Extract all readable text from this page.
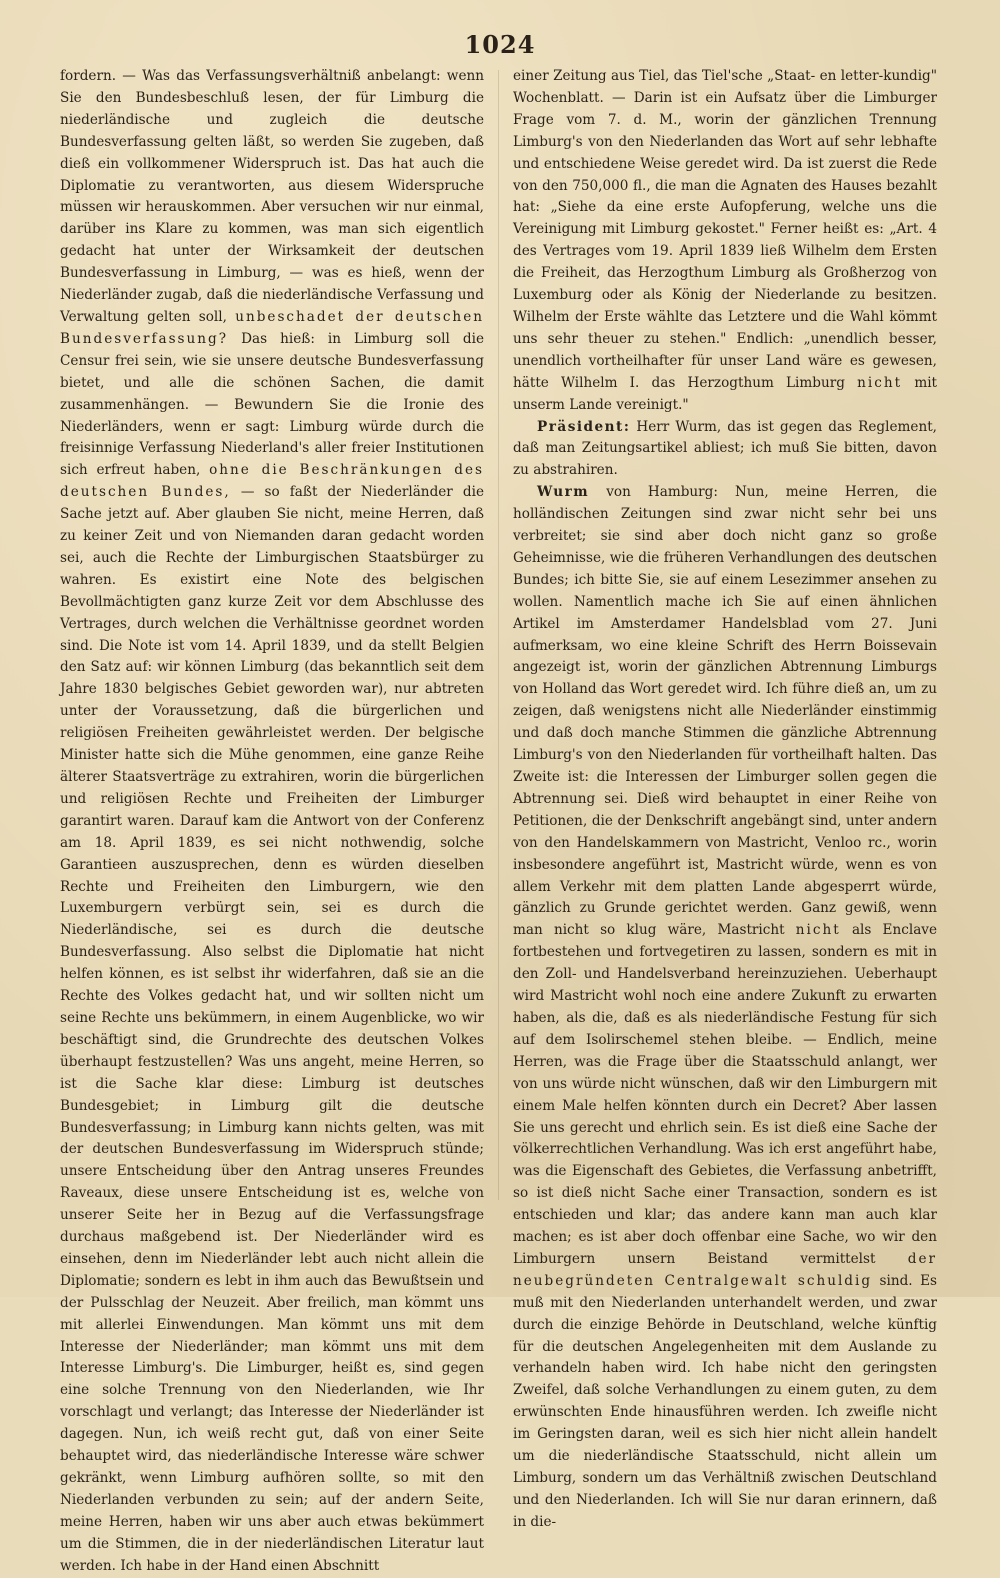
1024

fordern. — Was das Verfassungsverhältniß anbelangt: wenn Sie den Bundesbeschluß lesen, der für Limburg die niederländische und zugleich die deutsche Bundesverfassung gelten läßt, so werden Sie zugeben, daß dieß ein vollkommener Widerspruch ist. Das hat auch die Diplomatie zu verantworten, aus diesem Widerspruche müssen wir herauskommen. Aber versuchen wir nur einmal, darüber ins Klare zu kommen, was man sich eigentlich gedacht hat unter der Wirksamkeit der deutschen Bundesverfassung in Limburg, — was es hieß, wenn der Niederländer zugab, daß die niederländische Verfassung und Verwaltung gelten soll, unbeschadet der deutschen Bundesverfassung? Das hieß: in Limburg soll die Censur frei sein, wie sie unsere deutsche Bundesverfassung bietet, und alle die schönen Sachen, die damit zusammenhängen. — Bewundern Sie die Ironie des Niederländers, wenn er sagt: Limburg würde durch die freisinnige Verfassung Niederland's aller freier Institutionen sich erfreut haben, ohne die Beschränkungen des deutschen Bundes, — so faßt der Niederländer die Sache jetzt auf. Aber glauben Sie nicht, meine Herren, daß zu keiner Zeit und von Niemanden daran gedacht worden sei, auch die Rechte der Limburgischen Staatsbürger zu wahren. Es existirt eine Note des belgischen Bevollmächtigten ganz kurze Zeit vor dem Abschlusse des Vertrages, durch welchen die Verhältnisse geordnet worden sind. Die Note ist vom 14. April 1839, und da stellt Belgien den Satz auf: wir können Limburg (das bekanntlich seit dem Jahre 1830 belgisches Gebiet geworden war), nur abtreten unter der Voraussetzung, daß die bürgerlichen und religiösen Freiheiten gewährleistet werden. Der belgische Minister hatte sich die Mühe genommen, eine ganze Reihe älterer Staatsverträge zu extrahiren, worin die bürgerlichen und religiösen Rechte und Freiheiten der Limburger garantirt waren. Darauf kam die Antwort von der Conferenz am 18. April 1839, es sei nicht nothwendig, solche Garantieen auszusprechen, denn es würden dieselben Rechte und Freiheiten den Limburgern, wie den Luxemburgern verbürgt sein, sei es durch die Niederländische, sei es durch die deutsche Bundesverfassung. Also selbst die Diplomatie hat nicht helfen können, es ist selbst ihr widerfahren, daß sie an die Rechte des Volkes gedacht hat, und wir sollten nicht um seine Rechte uns bekümmern, in einem Augenblicke, wo wir beschäftigt sind, die Grundrechte des deutschen Volkes überhaupt festzustellen? Was uns angeht, meine Herren, so ist die Sache klar diese: Limburg ist deutsches Bundesgebiet; in Limburg gilt die deutsche Bundesverfassung; in Limburg kann nichts gelten, was mit der deutschen Bundesverfassung im Widerspruch stünde; unsere Entscheidung über den Antrag unseres Freundes Raveaux, diese unsere Entscheidung ist es, welche von unserer Seite her in Bezug auf die Verfassungsfrage durchaus maßgebend ist. Der Niederländer wird es einsehen, denn im Niederländer lebt auch nicht allein die Diplomatie; sondern es lebt in ihm auch das Bewußtsein und der Pulsschlag der Neuzeit. Aber freilich, man kömmt uns mit allerlei Einwendungen. Man kömmt uns mit dem Interesse der Niederländer; man kömmt uns mit dem Interesse Limburg's. Die Limburger, heißt es, sind gegen eine solche Trennung von den Niederlanden, wie Ihr vorschlagt und verlangt; das Interesse der Niederländer ist dagegen. Nun, ich weiß recht gut, daß von einer Seite behauptet wird, das niederländische Interesse wäre schwer gekränkt, wenn Limburg aufhören sollte, so mit den Niederlanden verbunden zu sein; auf der andern Seite, meine Herren, haben wir uns aber auch etwas bekümmert um die Stimmen, die in der niederländischen Literatur laut werden. Ich habe in der Hand einen Abschnitt

einer Zeitung aus Tiel, das Tiel'sche „Staat- en letter-kundig" Wochenblatt. — Darin ist ein Aufsatz über die Limburger Frage vom 7. d. M., worin der gänzlichen Trennung Limburg's von den Niederlanden das Wort auf sehr lebhafte und entschiedene Weise geredet wird. Da ist zuerst die Rede von den 750,000 fl., die man die Agnaten des Hauses bezahlt hat: „Siehe da eine erste Aufopferung, welche uns die Vereinigung mit Limburg gekostet." Ferner heißt es: „Art. 4 des Vertrages vom 19. April 1839 ließ Wilhelm dem Ersten die Freiheit, das Herzogthum Limburg als Großherzog von Luxemburg oder als König der Niederlande zu besitzen. Wilhelm der Erste wählte das Letztere und die Wahl kömmt uns sehr theuer zu stehen." Endlich: „unendlich besser, unendlich vortheilhafter für unser Land wäre es gewesen, hätte Wilhelm I. das Herzogthum Limburg nicht mit unserm Lande vereinigt."

Präsident: Herr Wurm, das ist gegen das Reglement, daß man Zeitungsartikel abliest; ich muß Sie bitten, davon zu abstrahiren.

Wurm von Hamburg: Nun, meine Herren, die holländischen Zeitungen sind zwar nicht sehr bei uns verbreitet; sie sind aber doch nicht ganz so große Geheimnisse, wie die früheren Verhandlungen des deutschen Bundes; ich bitte Sie, sie auf einem Lesezimmer ansehen zu wollen. Namentlich mache ich Sie auf einen ähnlichen Artikel im Amsterdamer Handelsblad vom 27. Juni aufmerksam, wo eine kleine Schrift des Herrn Boissevain angezeigt ist, worin der gänzlichen Abtrennung Limburgs von Holland das Wort geredet wird. Ich führe dieß an, um zu zeigen, daß wenigstens nicht alle Niederländer einstimmig und daß doch manche Stimmen die gänzliche Abtrennung Limburg's von den Niederlanden für vortheilhaft halten. Das Zweite ist: die Interessen der Limburger sollen gegen die Abtrennung sei. Dieß wird behauptet in einer Reihe von Petitionen, die der Denkschrift angebängt sind, unter andern von den Handelskammern von Mastricht, Venloo rc., worin insbesondere angeführt ist, Mastricht würde, wenn es von allem Verkehr mit dem platten Lande abgesperrt würde, gänzlich zu Grunde gerichtet werden. Ganz gewiß, wenn man nicht so klug wäre, Mastricht nicht als Enclave fortbestehen und fortvegetiren zu lassen, sondern es mit in den Zoll- und Handelsverband hereinzuziehen. Ueberhaupt wird Mastricht wohl noch eine andere Zukunft zu erwarten haben, als die, daß es als niederländische Festung für sich auf dem Isolirschemel stehen bleibe. — Endlich, meine Herren, was die Frage über die Staatsschuld anlangt, wer von uns würde nicht wünschen, daß wir den Limburgern mit einem Male helfen könnten durch ein Decret? Aber lassen Sie uns gerecht und ehrlich sein. Es ist dieß eine Sache der völkerrechtlichen Verhandlung. Was ich erst angeführt habe, was die Eigenschaft des Gebietes, die Verfassung anbetrifft, so ist dieß nicht Sache einer Transaction, sondern es ist entschieden und klar; das andere kann man auch klar machen; es ist aber doch offenbar eine Sache, wo wir den Limburgern unsern Beistand vermittelst der neubegründeten Centralgewalt schuldig sind. Es muß mit den Niederlanden unterhandelt werden, und zwar durch die einzige Behörde in Deutschland, welche künftig für die deutschen Angelegenheiten mit dem Auslande zu verhandeln haben wird. Ich habe nicht den geringsten Zweifel, daß solche Verhandlungen zu einem guten, zu dem erwünschten Ende hinausführen werden. Ich zweifle nicht im Geringsten daran, weil es sich hier nicht allein handelt um die niederländische Staatsschuld, nicht allein um Limburg, sondern um das Verhältniß zwischen Deutschland und den Niederlanden. Ich will Sie nur daran erinnern, daß in die-
